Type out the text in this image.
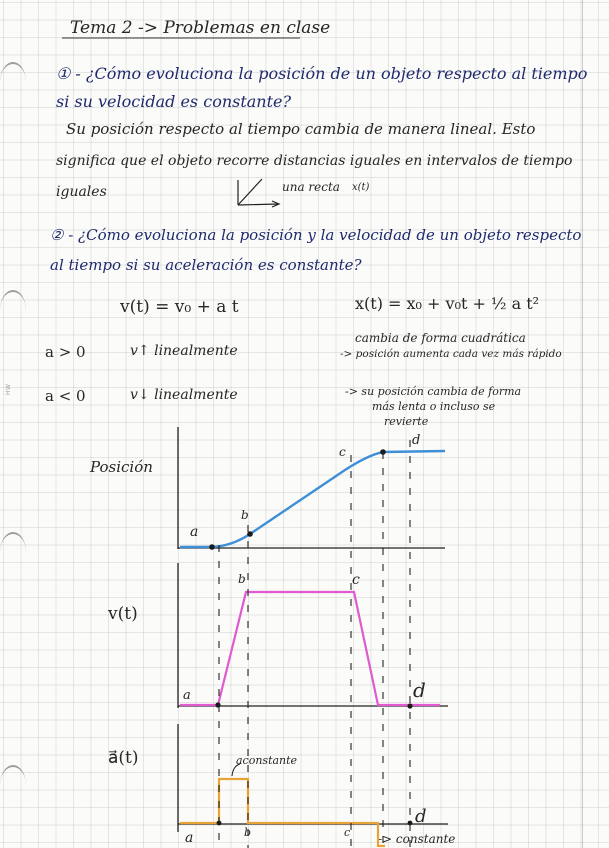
HW
Tema 2 -> Problemas en clase
① - ¿Cómo evoluciona la posición de un objeto respecto al tiempo
si su velocidad es constante?
Su posición respecto al tiempo cambia de manera lineal. Esto
significa que el objeto recorre distancias iguales en intervalos de tiempo
iguales	una recta x(t)
② - ¿Cómo evoluciona la posición y la velocidad de un objeto respecto
al tiempo si su aceleración es constante?
v(t) = v₀ + a t	x(t) = x₀ + v₀t + ½ a t²
a > 0	v↑ linealmente
cambia de forma cuadrática
-> posición aumenta cada vez más rápido
a < 0	v↓ linealmente	-> su posición cambia de forma
más lenta o incluso se
revierte
Posición
v(t)
a⃗(t)	aconstante
-> constante
a
b
c
d
a
b	c
d
a	b	c
d
